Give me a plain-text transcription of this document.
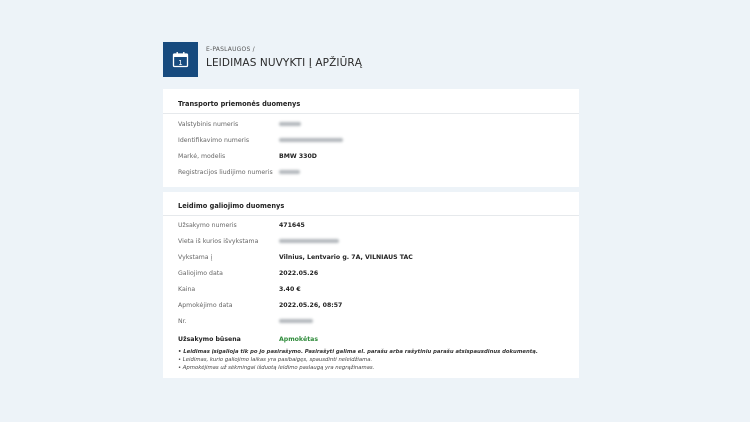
1
E-PASLAUGOS /
LEIDIMAS NUVYKTI Į APŽIŪRĄ
Transporto priemonės duomenys
Valstybinis numeris
Identifikavimo numeris
Markė, modelis	BMW 330D
Registracijos liudijimo numeris
Leidimo galiojimo duomenys
Užsakymo numeris	471645
Vieta iš kurios išvykstama
Vykstama į	Vilnius, Lentvario g. 7A, VILNIAUS TAC
Galiojimo data	2022.05.26
Kaina	3.40 €
Apmokėjimo data	2022.05.26, 08:57
Nr.
Užsakymo būsena	Apmokėtas
• Leidimas įsigalioja tik po jo pasirašymo. Pasirašyti galima el. parašu arba rašytiniu parašu atsispausdinus dokumentą.
• Leidimas, kurio galiojimo laikas yra pasibaigęs, spausdinti neleidžiama.
• Apmokėjimas už sėkmingai išduotą leidimo paslaugą yra negrąžinamas.
